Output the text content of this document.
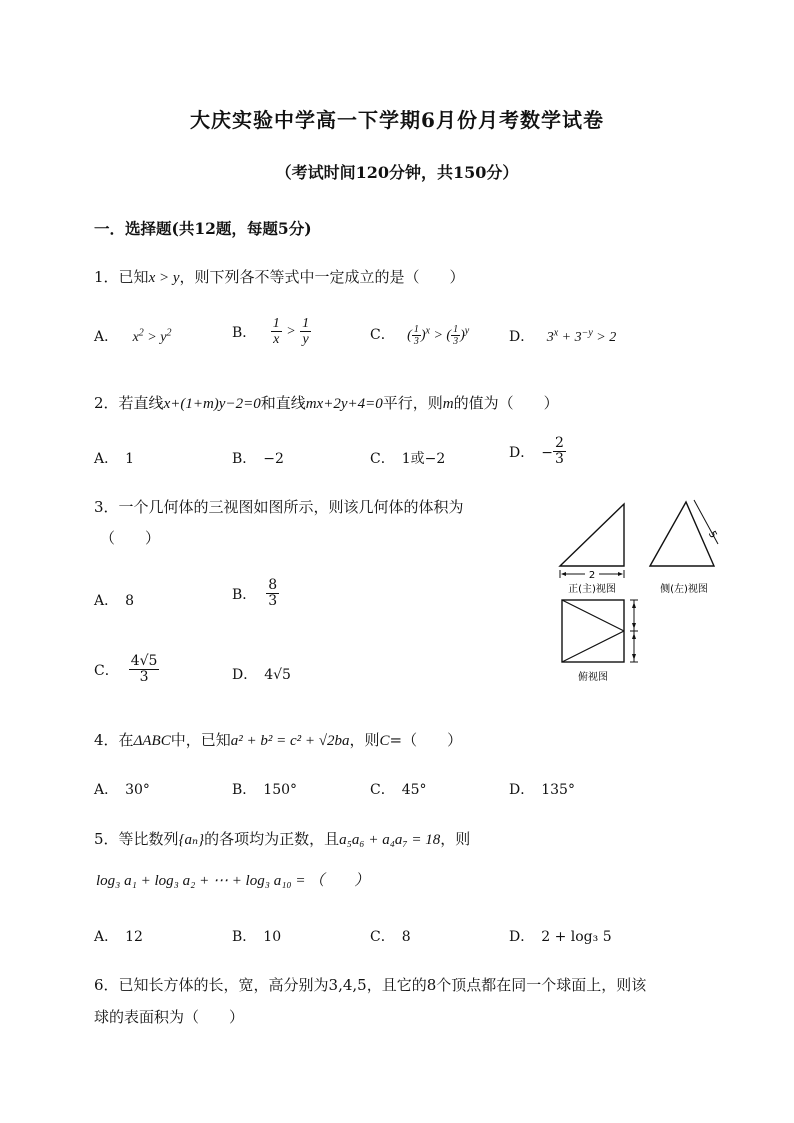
大庆实验中学高一下学期6月份月考数学试卷
（考试时间120分钟，共150分）
一．选择题(共12题，每题5分)
1．已知x > y，则下列各不等式中一定成立的是（　　）
A． $x^2 > y^2$	B． $\frac{1}{x} > \frac{1}{y}$	C． ( $\frac{1}{3} )^x$ > ( $\frac{1}{3} )^y$	D． $3^x + 3^{-y} > 2$
2．若直线x+(1+m)y−2=0和直线mx+2y+4=0平行，则m的值为（　　）
A．　1	B．　−2	C．　1或−2	D．　− $\frac{2}{3}$
3．一个几何体的三视图如图所示，则该几何体的体积为
（　　）
A．　8	B． $\frac{8}{3}$
C． $\frac{4√5}{3}$	D．　4√5
2
正(主)视图
5
侧(左)视图
俯视图
4．在ΔABC中，已知a² + b² = c² + √2ba，则C=（　　）
A．　30°	B．　150°	C．　45°	D．　135°
5．等比数列{aₙ}的各项均为正数，且a₅a₆ + a₄a₇ = 18，则
log₃ a₁ + log₃ a₂ + ⋯ + log₃ a₁₀ = （　　）
A．　12	B．　10	C．　8	D．　2 + log₃ 5
6．已知长方体的长，宽，高分别为3,4,5，且它的8个顶点都在同一个球面上，则该
球的表面积为（　　）
